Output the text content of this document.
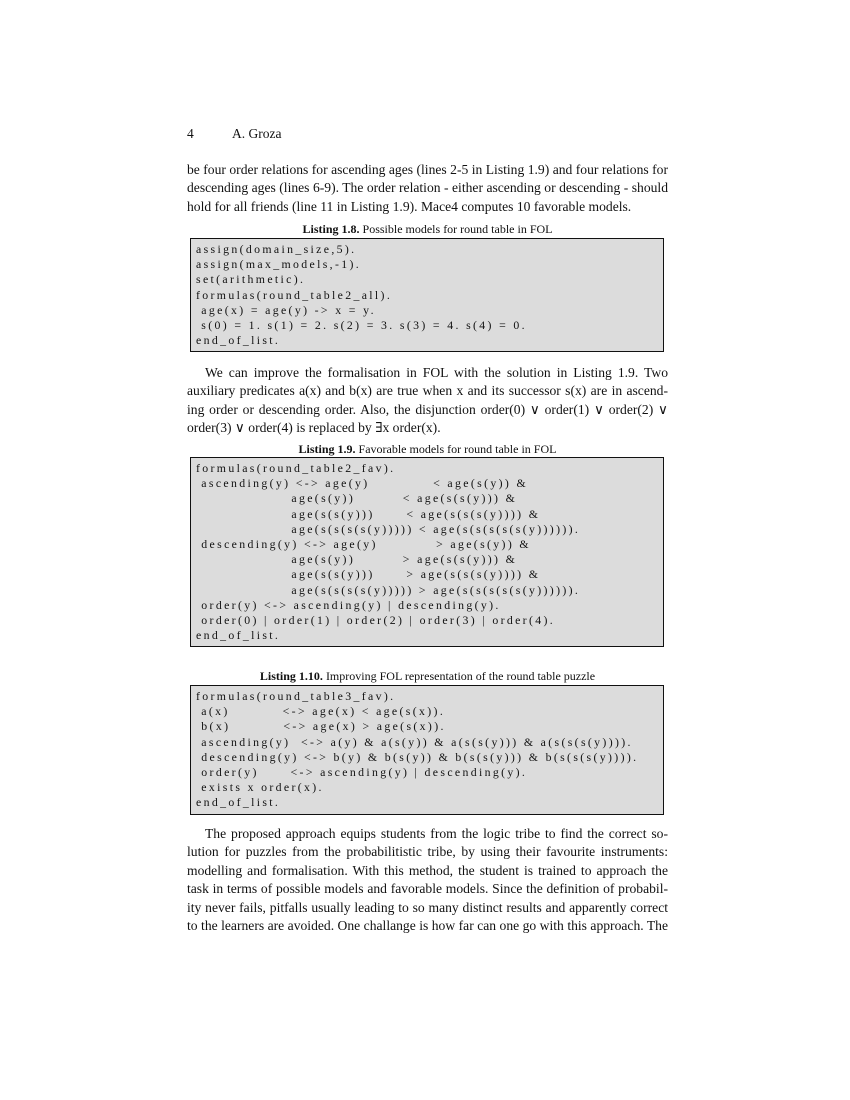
4	A. Groza
be four order relations for ascending ages (lines 2-5 in Listing 1.9) and four relations for
descending ages (lines 6-9). The order relation - either ascending or descending - should
hold for all friends (line 11 in Listing 1.9). Mace4 computes 10 favorable models.
Listing 1.8. Possible models for round table in FOL
assign(domain_size,5).
assign(max_models,-1).
set(arithmetic).
formulas(round_table2_all).
age(x) = age(y) -> x = y.
s(0) = 1. s(1) = 2. s(2) = 3. s(3) = 4. s(4) = 0.
end_of_list.
We can improve the formalisation in FOL with the solution in Listing 1.9. Two
auxiliary predicates a(x) and b(x) are true when x and its successor s(x) are in ascend-
ing order or descending order. Also, the disjunction order(0) ∨ order(1) ∨ order(2) ∨
order(3) ∨ order(4) is replaced by ∃x order(x).
Listing 1.9. Favorable models for round table in FOL
formulas(round_table2_fav).
ascending(y) <-> age(y)            < age(s(y)) &
age(s(y))         < age(s(s(y))) &
age(s(s(y)))      < age(s(s(s(y)))) &
age(s(s(s(s(y))))) < age(s(s(s(s(s(y)))))).
descending(y) <-> age(y)           > age(s(y)) &
age(s(y))         > age(s(s(y))) &
age(s(s(y)))      > age(s(s(s(y)))) &
age(s(s(s(s(y))))) > age(s(s(s(s(s(y)))))).
order(y) <-> ascending(y) | descending(y).
order(0) | order(1) | order(2) | order(3) | order(4).
end_of_list.
Listing 1.10. Improving FOL representation of the round table puzzle
formulas(round_table3_fav).
a(x)          <-> age(x) < age(s(x)).
b(x)          <-> age(x) > age(s(x)).
ascending(y)  <-> a(y) & a(s(y)) & a(s(s(y))) & a(s(s(s(y)))).
descending(y) <-> b(y) & b(s(y)) & b(s(s(y))) & b(s(s(s(y)))).
order(y)      <-> ascending(y) | descending(y).
exists x order(x).
end_of_list.
The proposed approach equips students from the logic tribe to find the correct so-
lution for puzzles from the probabilitistic tribe, by using their favourite instruments:
modelling and formalisation. With this method, the student is trained to approach the
task in terms of possible models and favorable models. Since the definition of probabil-
ity never fails, pitfalls usually leading to so many distinct results and apparently correct
to the learners are avoided. One challange is how far can one go with this approach. The
